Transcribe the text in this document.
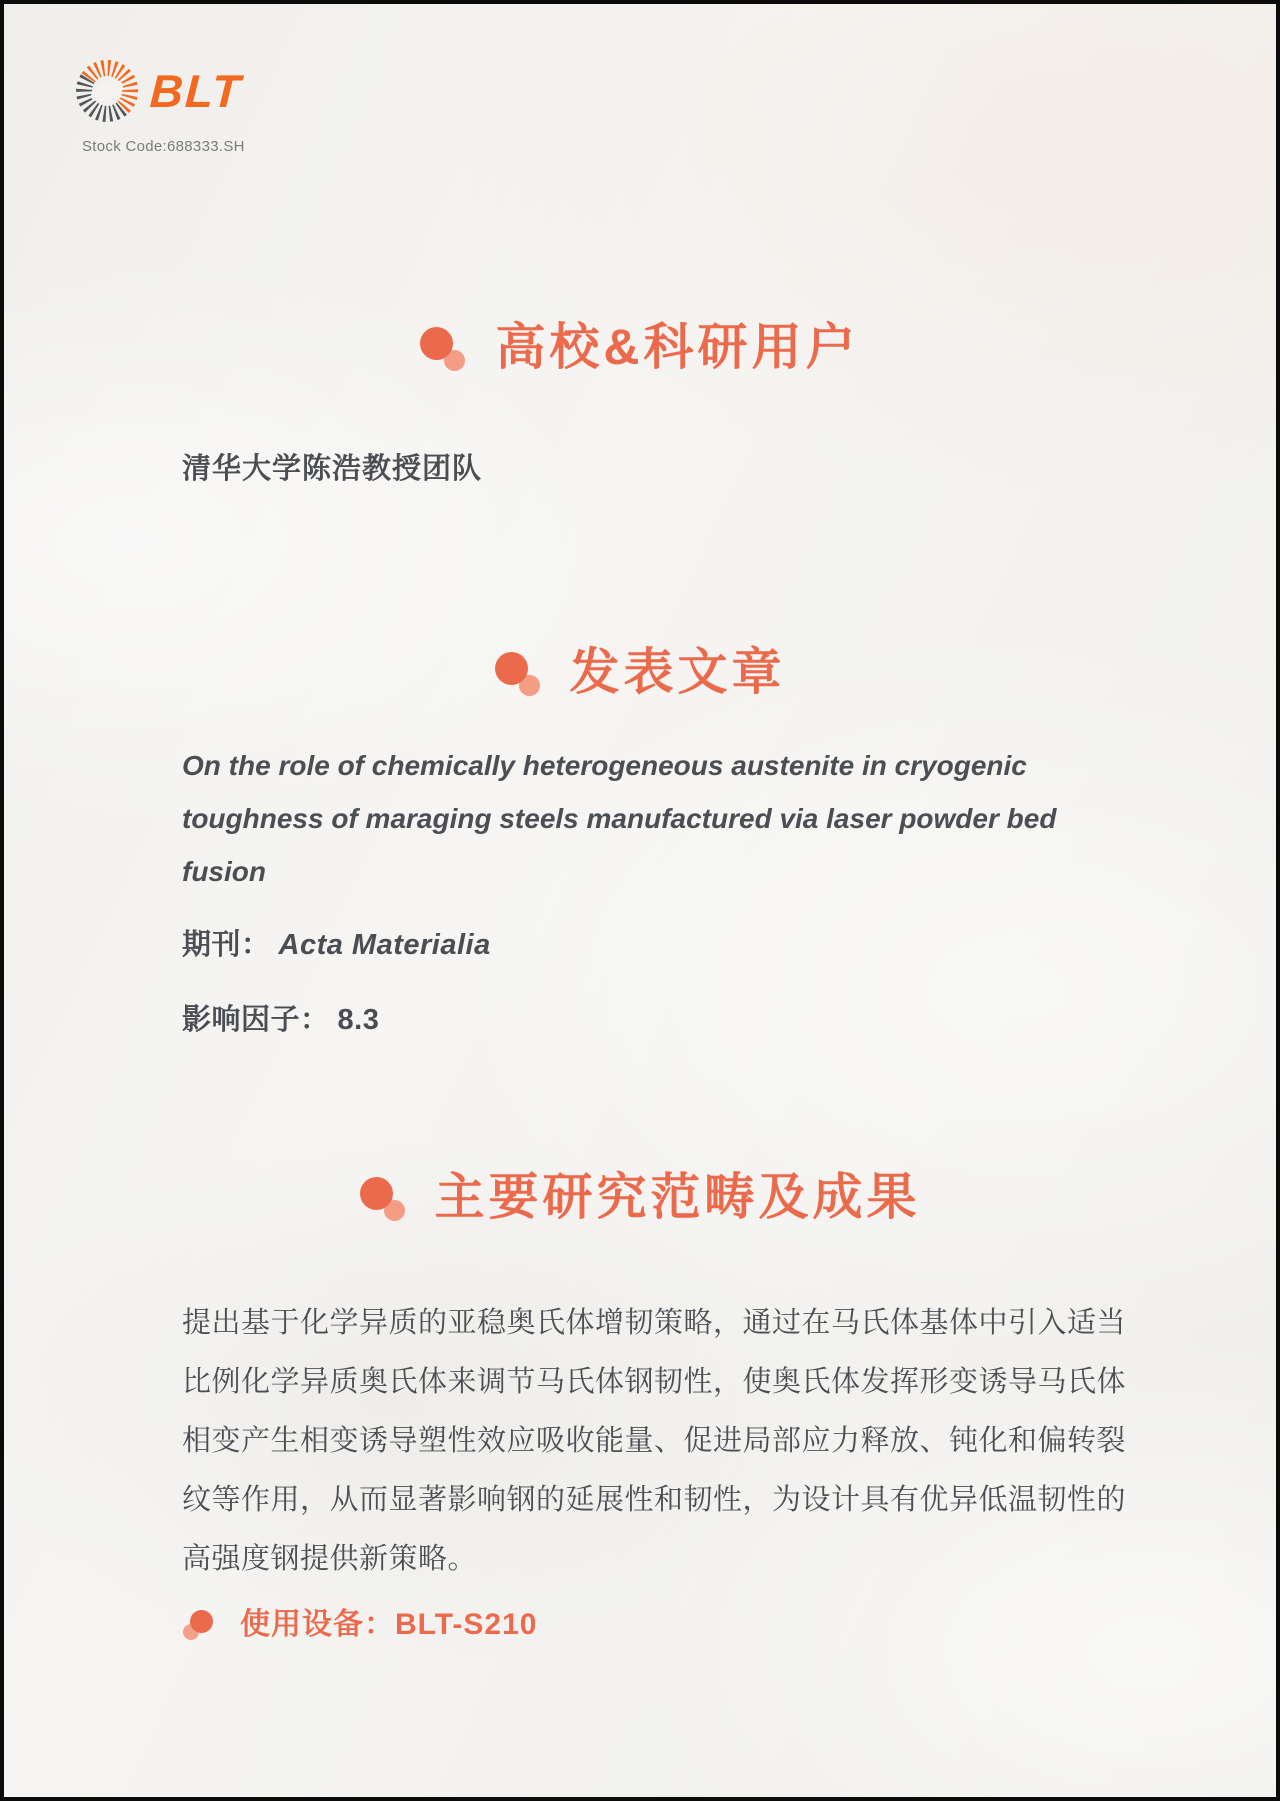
BLT
Stock Code:688333.SH
高校&科研用户
清华大学陈浩教授团队
发表文章
On the role of chemically heterogeneous austenite in cryogenic
toughness of maraging steels manufactured via laser powder bed
fusion
期刊： Acta Materialia
影响因子： 8.3
主要研究范畴及成果
提出基于化学异质的亚稳奥氏体增韧策略，通过在马氏体基体中引入适当
比例化学异质奥氏体来调节马氏体钢韧性，使奥氏体发挥形变诱导马氏体
相变产生相变诱导塑性效应吸收能量、促进局部应力释放、钝化和偏转裂
纹等作用，从而显著影响钢的延展性和韧性，为设计具有优异低温韧性的
高强度钢提供新策略。
使用设备：BLT-S210
